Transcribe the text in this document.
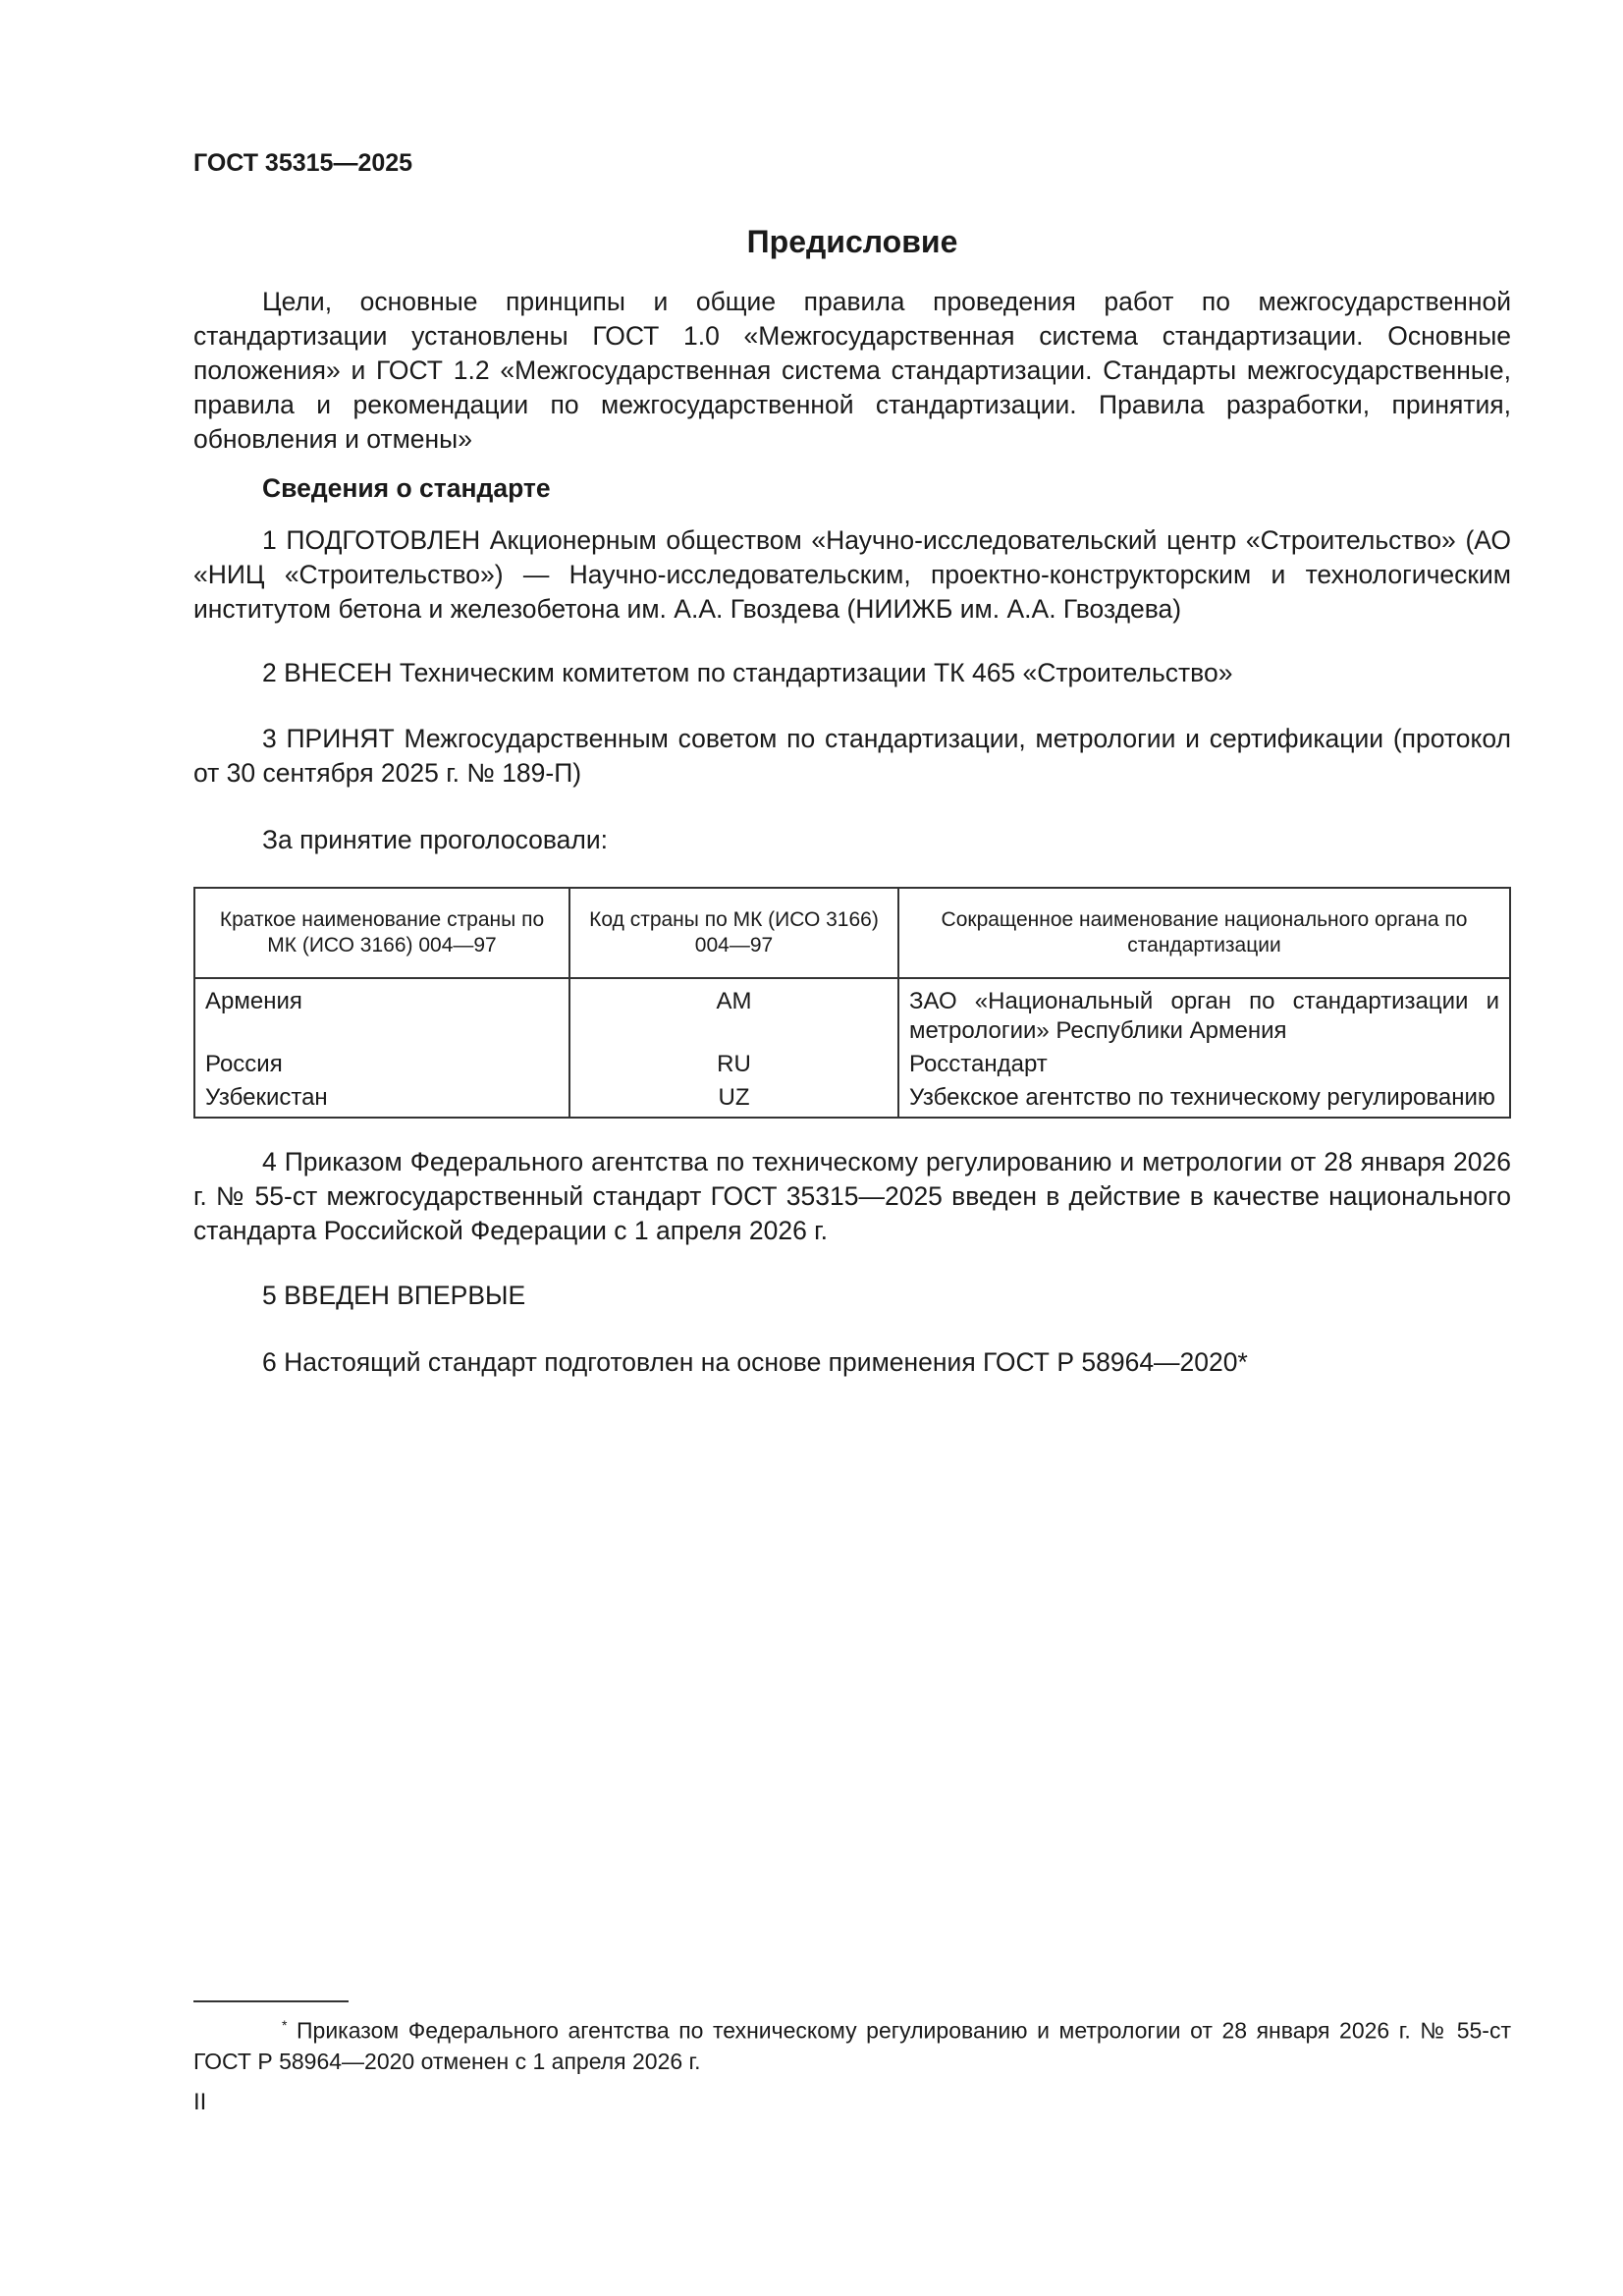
ГОСТ 35315—2025
Предисловие

Цели, основные принципы и общие правила проведения работ по межгосударственной стандартизации установлены ГОСТ 1.0 «Межгосударственная система стандартизации. Основные положения» и ГОСТ 1.2 «Межгосударственная система стандартизации. Стандарты межгосударственные, правила и рекомендации по межгосударственной стандартизации. Правила разработки, принятия, обновления и отмены»

Сведения о стандарте

1 ПОДГОТОВЛЕН Акционерным обществом «Научно-исследовательский центр «Строительство» (АО «НИЦ «Строительство») — Научно-исследовательским, проектно-конструкторским и технологическим институтом бетона и железобетона им. А.А. Гвоздева (НИИЖБ им. А.А. Гвоздева)

2 ВНЕСЕН Техническим комитетом по стандартизации ТК 465 «Строительство»

3 ПРИНЯТ Межгосударственным советом по стандартизации, метрологии и сертификации (протокол от 30 сентября 2025 г. № 189-П)

За принятие проголосовали:

Краткое наименование страны по МК (ИСО 3166) 004—97	Код страны по МК (ИСО 3166) 004—97	Сокращенное наименование национального органа по стандартизации
Армения	AM	ЗАО «Национальный орган по стандартизации и метрологии» Республики Армения
Россия	RU	Росстандарт
Узбекистан	UZ	Узбекское агентство по техническому регулированию

4 Приказом Федерального агентства по техническому регулированию и метрологии от 28 января 2026 г. № 55-ст межгосударственный стандарт ГОСТ 35315—2025 введен в действие в качестве национального стандарта Российской Федерации с 1 апреля 2026 г.

5 ВВЕДЕН ВПЕРВЫЕ

6 Настоящий стандарт подготовлен на основе применения ГОСТ Р 58964—2020*

* Приказом Федерального агентства по техническому регулированию и метрологии от 28 января 2026 г. № 55-ст ГОСТ Р 58964—2020 отменен с 1 апреля 2026 г.

II
